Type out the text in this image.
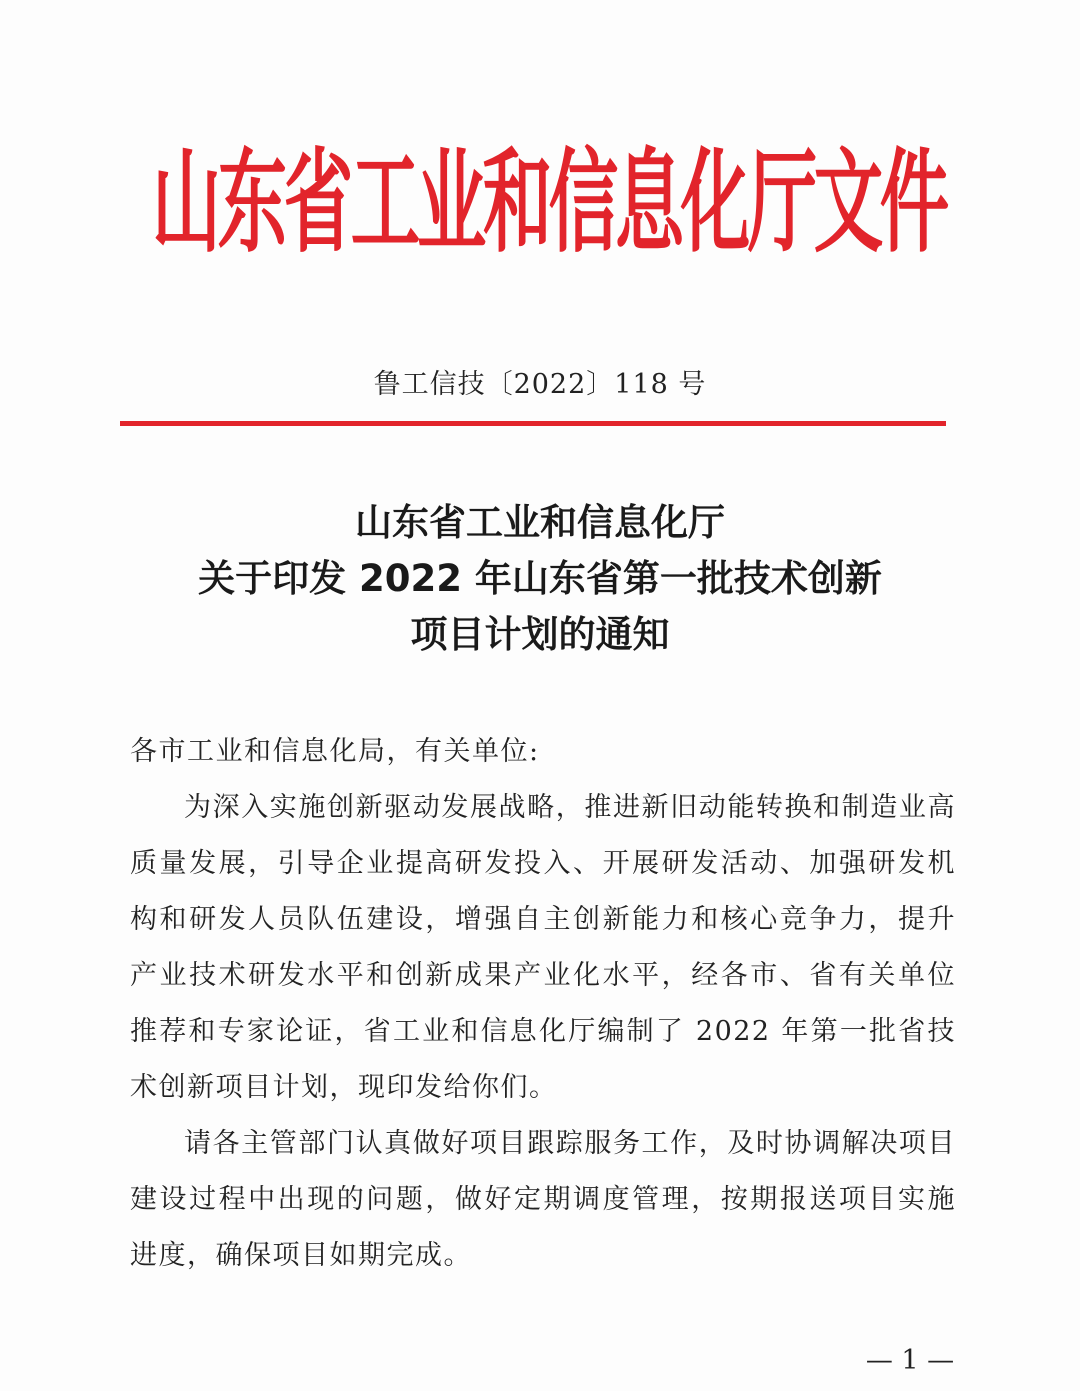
山
东
省
工
业
和
信
息
化
厅
文
件
鲁工信技〔2022〕118 号
山东省工业和信息化厅
关于印发 2022 年山东省第一批技术创新
项目计划的通知

各市工业和信息化局，有关单位:

为深入实施创新驱动发展战略，推进新旧动能转换和制造业高质量发展，引导企业提高研发投入、开展研发活动、加强研发机构和研发人员队伍建设，增强自主创新能力和核心竞争力，提升产业技术研发水平和创新成果产业化水平，经各市、省有关单位推荐和专家论证，省工业和信息化厅编制了 2022 年第一批省技术创新项目计划，现印发给你们。

请各主管部门认真做好项目跟踪服务工作，及时协调解决项目建设过程中出现的问题，做好定期调度管理，按期报送项目实施进度，确保项目如期完成。

— 1 —
